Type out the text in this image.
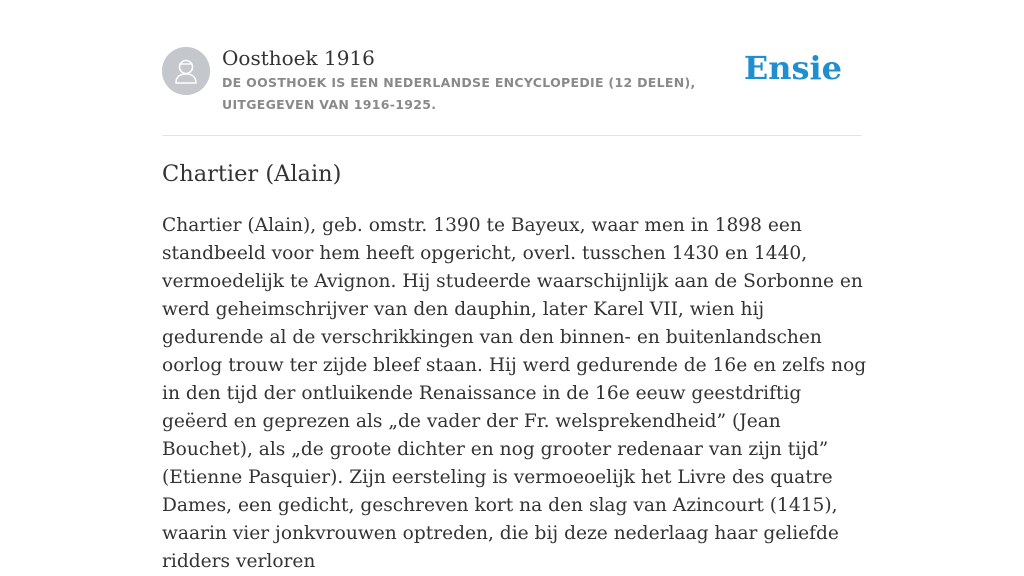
Oosthoek 1916
DE OOSTHOEK IS EEN NEDERLANDSE ENCYCLOPEDIE (12 DELEN), UITGEGEVEN VAN 1916-1925.
Ensie
Chartier (Alain)

Chartier (Alain), geb. omstr. 1390 te Bayeux, waar men in 1898 een standbeeld voor hem heeft opgericht, overl. tusschen 1430 en 1440, vermoedelijk te Avignon. Hij studeerde waarschijnlijk aan de Sorbonne en werd geheimschrijver van den dauphin, later Karel VII, wien hij gedurende al de verschrikkingen van den binnen- en buitenlandschen oorlog trouw ter zijde bleef staan. Hij werd gedurende de 16e en zelfs nog in den tijd der ontluikende Renaissance in de 16e eeuw geestdriftig geëerd en geprezen als „de vader der Fr. welsprekendheid” (Jean Bouchet), als „de groote dichter en nog grooter redenaar van zijn tijd” (Etienne Pasquier). Zijn eersteling is vermoeoelijk het Livre des quatre Dames, een gedicht, geschreven kort na den slag van Azincourt (1415), waarin vier jonkvrouwen optreden, die bij deze nederlaag haar geliefde ridders verloren
